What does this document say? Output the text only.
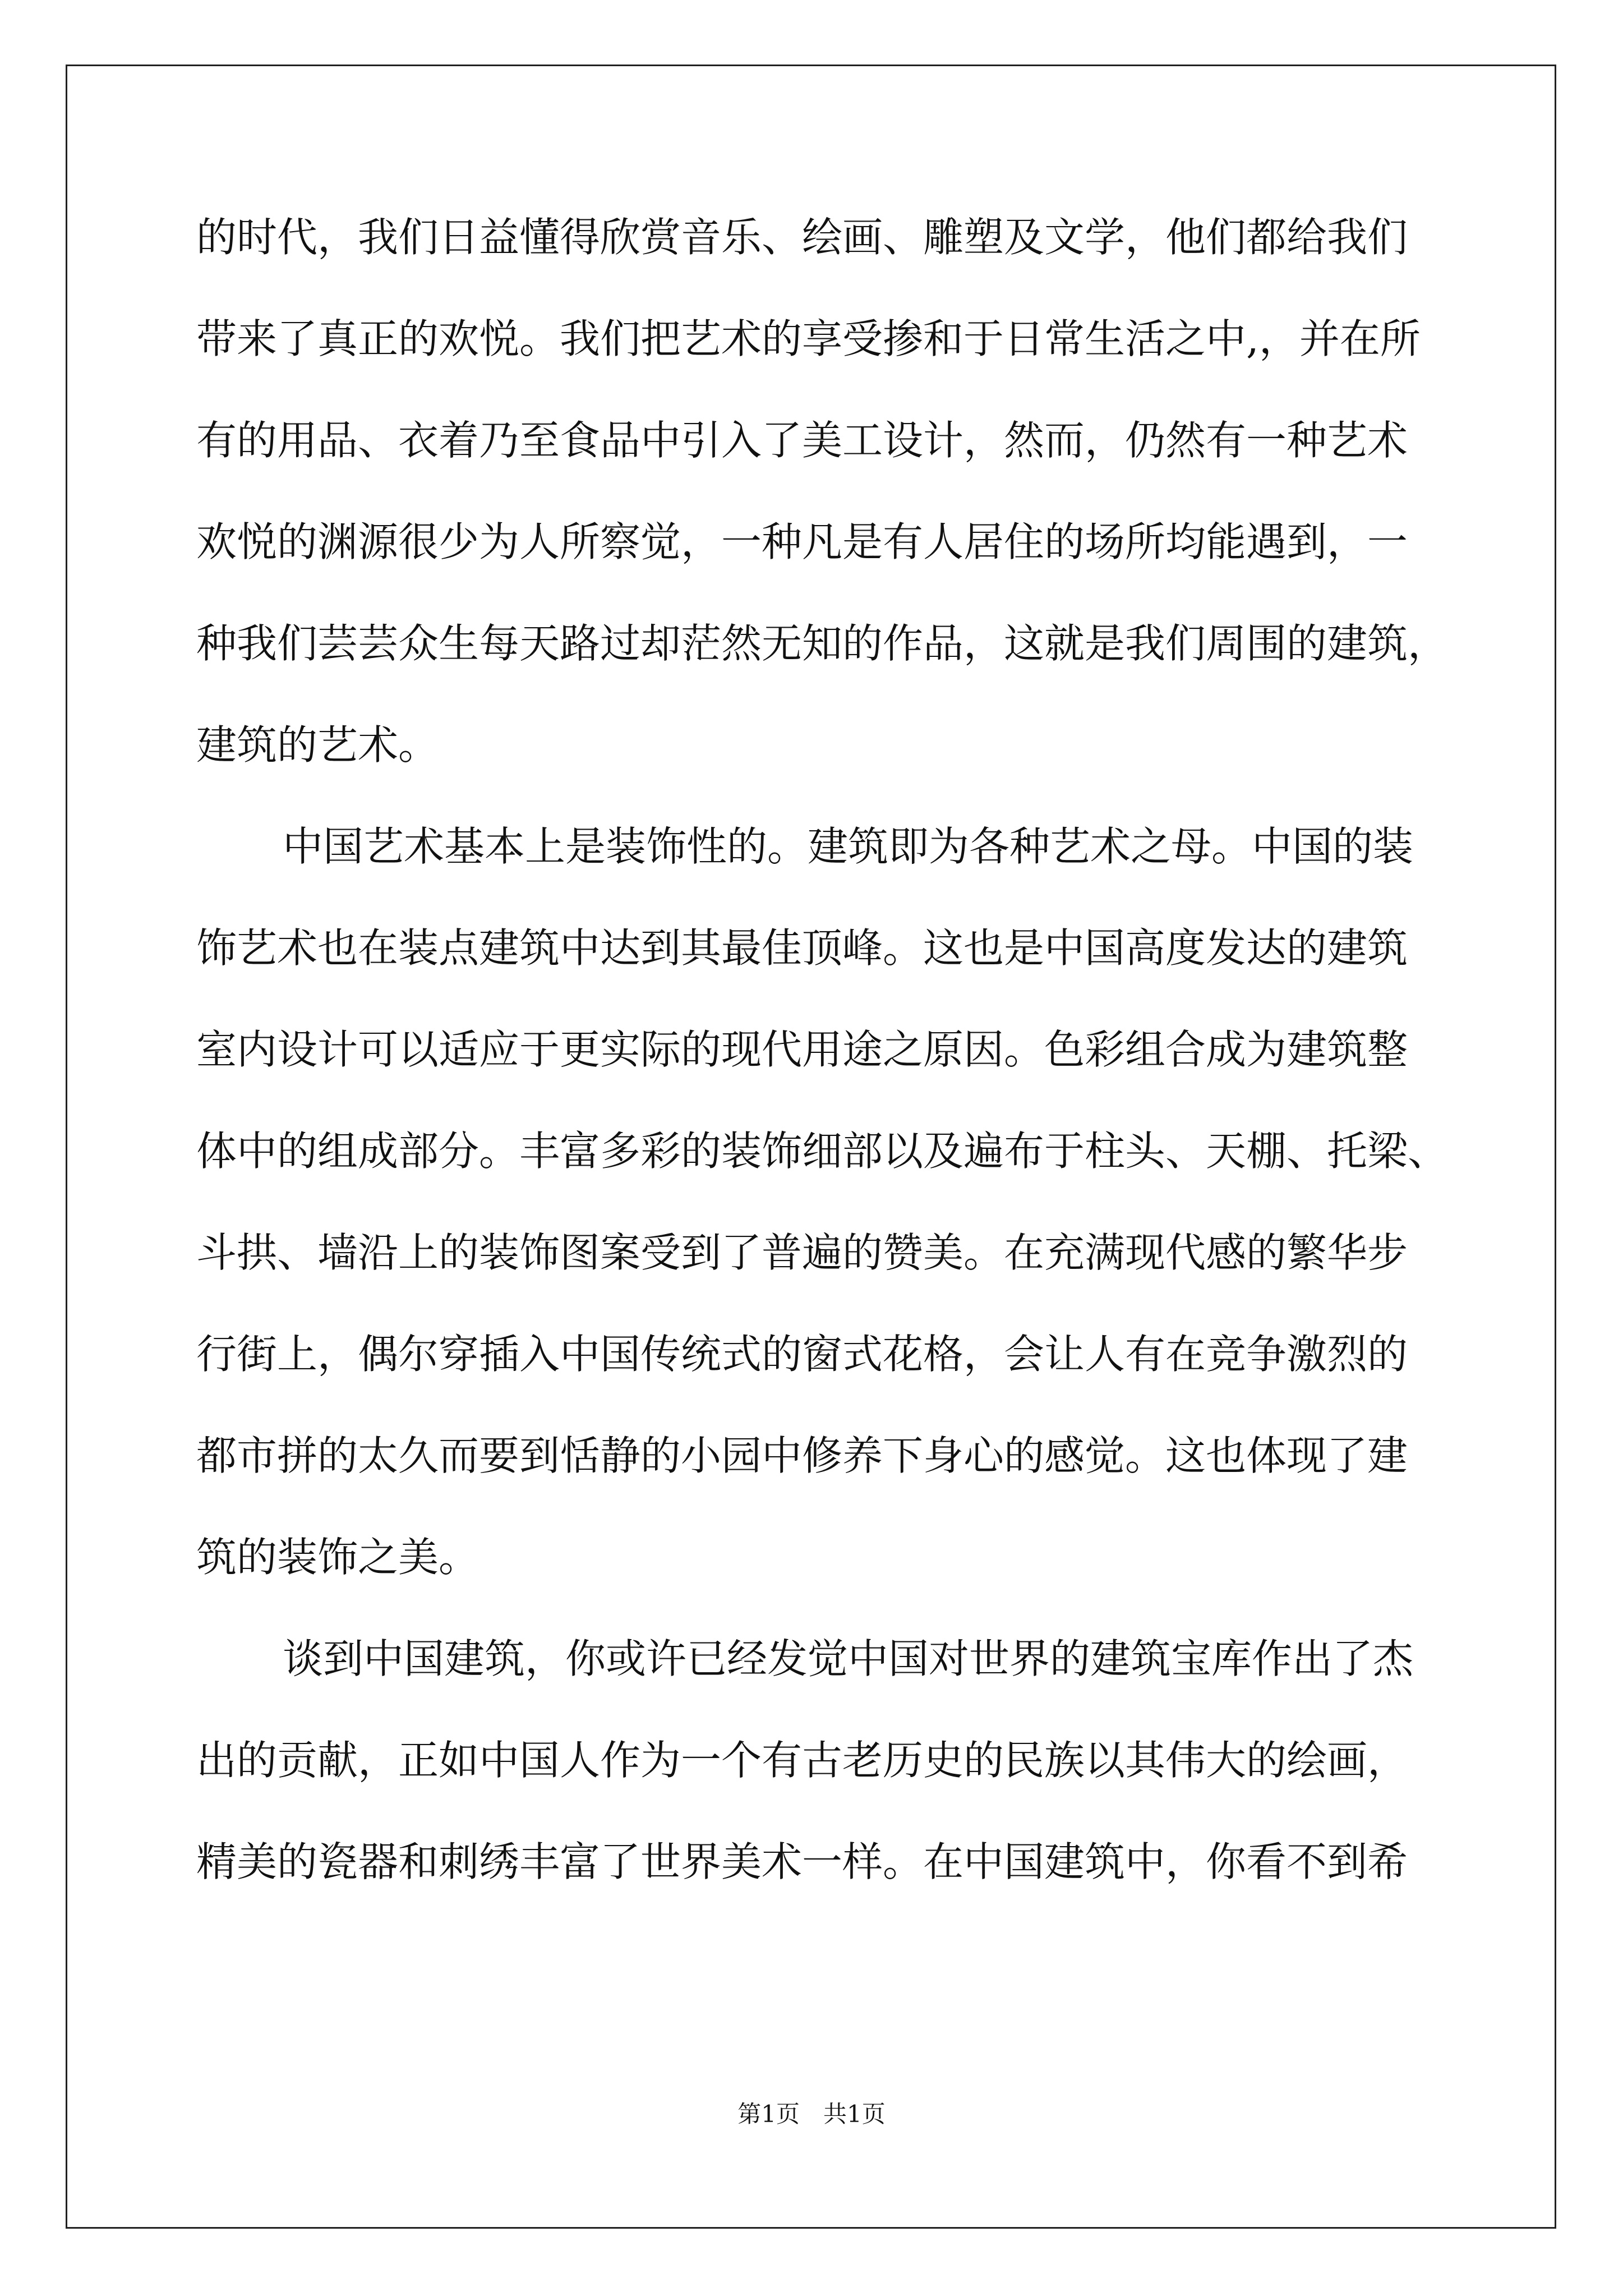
的时代，我们日益懂得欣赏音乐、绘画、雕塑及文学，他们都给我们
带来了真正的欢悦。我们把艺术的享受掺和于日常生活之中,，并在所
有的用品、衣着乃至食品中引入了美工设计，然而，仍然有一种艺术
欢悦的渊源很少为人所察觉，一种凡是有人居住的场所均能遇到，一
种我们芸芸众生每天路过却茫然无知的作品，这就是我们周围的建筑，
建筑的艺术。
中国艺术基本上是装饰性的。建筑即为各种艺术之母。中国的装
饰艺术也在装点建筑中达到其最佳顶峰。这也是中国高度发达的建筑
室内设计可以适应于更实际的现代用途之原因。色彩组合成为建筑整
体中的组成部分。丰富多彩的装饰细部以及遍布于柱头、天棚、托梁、
斗拱、墙沿上的装饰图案受到了普遍的赞美。在充满现代感的繁华步
行街上，偶尔穿插入中国传统式的窗式花格，会让人有在竞争激烈的
都市拼的太久而要到恬静的小园中修养下身心的感觉。这也体现了建
筑的装饰之美。
谈到中国建筑，你或许已经发觉中国对世界的建筑宝库作出了杰
出的贡献，正如中国人作为一个有古老历史的民族以其伟大的绘画，
精美的瓷器和刺绣丰富了世界美术一样。在中国建筑中，你看不到希
第1页　共1页
